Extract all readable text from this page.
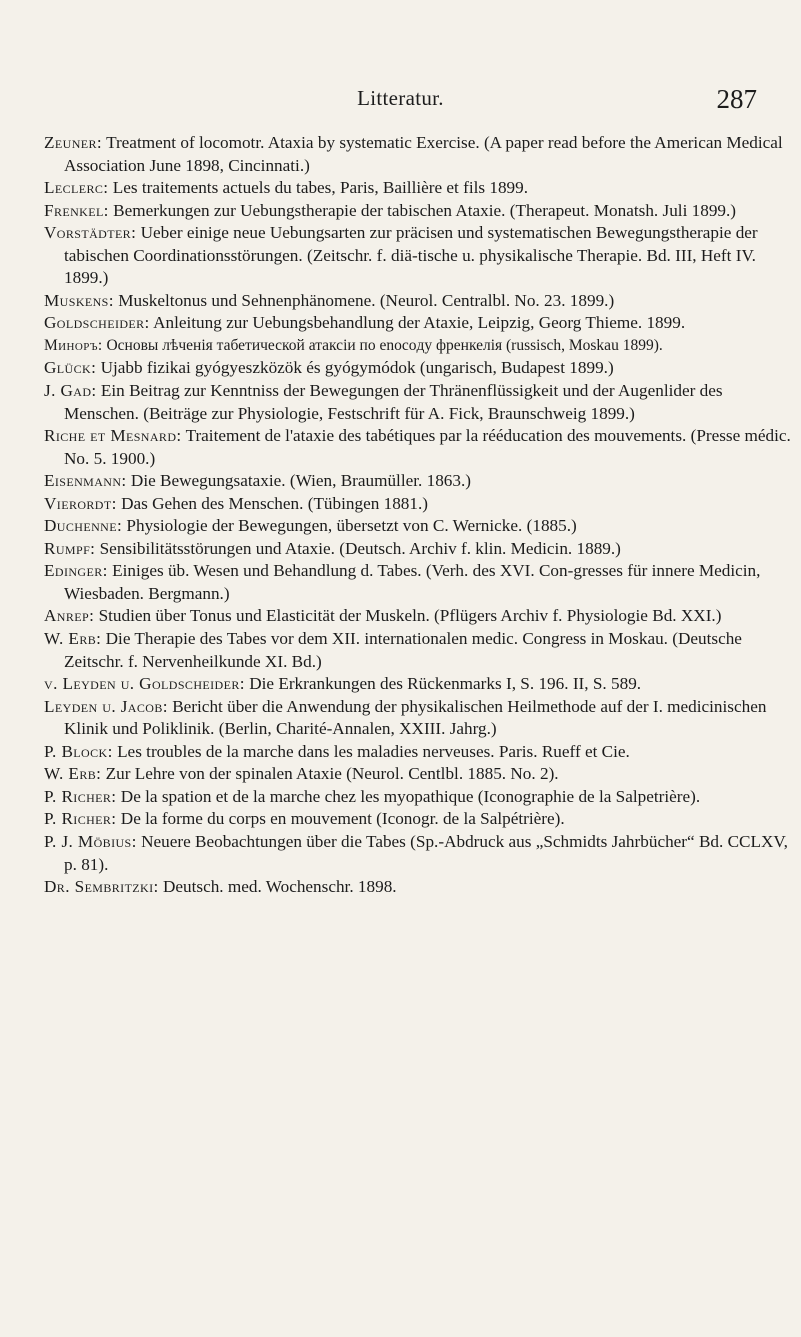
Litteratur.	287

Zeuner: Treatment of locomotr. Ataxia by systematic Exercise. (A paper read before the American Medical Association June 1898, Cincinnati.)

Leclerc: Les traitements actuels du tabes, Paris, Baillière et fils 1899.

Frenkel: Bemerkungen zur Uebungstherapie der tabischen Ataxie. (Therapeut. Monatsh. Juli 1899.)

Vorstädter: Ueber einige neue Uebungsarten zur präcisen und systematischen Bewegungstherapie der tabischen Coordinationsstörungen. (Zeitschr. f. diä-tische u. physikalische Therapie. Bd. III, Heft IV. 1899.)

Muskens: Muskeltonus und Sehnenphänomene. (Neurol. Centralbl. No. 23. 1899.)

Goldscheider: Anleitung zur Uebungsbehandlung der Ataxie, Leipzig, Georg Thieme. 1899.

Миноръ: Основы лѣченія табетической атаксіи по еnocoдy френкелія (russisch, Moskau 1899).

Glück: Ujabb fizikai gyógyeszközök és gyógymódok (ungarisch, Budapest 1899.)

J. Gad: Ein Beitrag zur Kenntniss der Bewegungen der Thränenflüssigkeit und der Augenlider des Menschen. (Beiträge zur Physiologie, Festschrift für A. Fick, Braunschweig 1899.)

Riche et Mesnard: Traitement de l'ataxie des tabétiques par la rééducation des mouvements. (Presse médic. No. 5. 1900.)

Eisenmann: Die Bewegungsataxie. (Wien, Braumüller. 1863.)

Vierordt: Das Gehen des Menschen. (Tübingen 1881.)

Duchenne: Physiologie der Bewegungen, übersetzt von C. Wernicke. (1885.)

Rumpf: Sensibilitätsstörungen und Ataxie. (Deutsch. Archiv f. klin. Medicin. 1889.)

Edinger: Einiges üb. Wesen und Behandlung d. Tabes. (Verh. des XVI. Con-gresses für innere Medicin, Wiesbaden. Bergmann.)

Anrep: Studien über Tonus und Elasticität der Muskeln. (Pflügers Archiv f. Physiologie Bd. XXI.)

W. Erb: Die Therapie des Tabes vor dem XII. internationalen medic. Congress in Moskau. (Deutsche Zeitschr. f. Nervenheilkunde XI. Bd.)

v. Leyden u. Goldscheider: Die Erkrankungen des Rückenmarks I, S. 196. II, S. 589.

Leyden u. Jacob: Bericht über die Anwendung der physikalischen Heilmethode auf der I. medicinischen Klinik und Poliklinik. (Berlin, Charité-Annalen, XXIII. Jahrg.)

P. Block: Les troubles de la marche dans les maladies nerveuses. Paris. Rueff et Cie.

W. Erb: Zur Lehre von der spinalen Ataxie (Neurol. Centlbl. 1885. No. 2).

P. Richer: De la spation et de la marche chez les myopathique (Iconographie de la Salpetrière).

P. Richer: De la forme du corps en mouvement (Iconogr. de la Salpétrière).

P. J. Möbius: Neuere Beobachtungen über die Tabes (Sp.-Abdruck aus „Schmidts Jahrbücher“ Bd. CCLXV, p. 81).

Dr. Sembritzki: Deutsch. med. Wochenschr. 1898.
